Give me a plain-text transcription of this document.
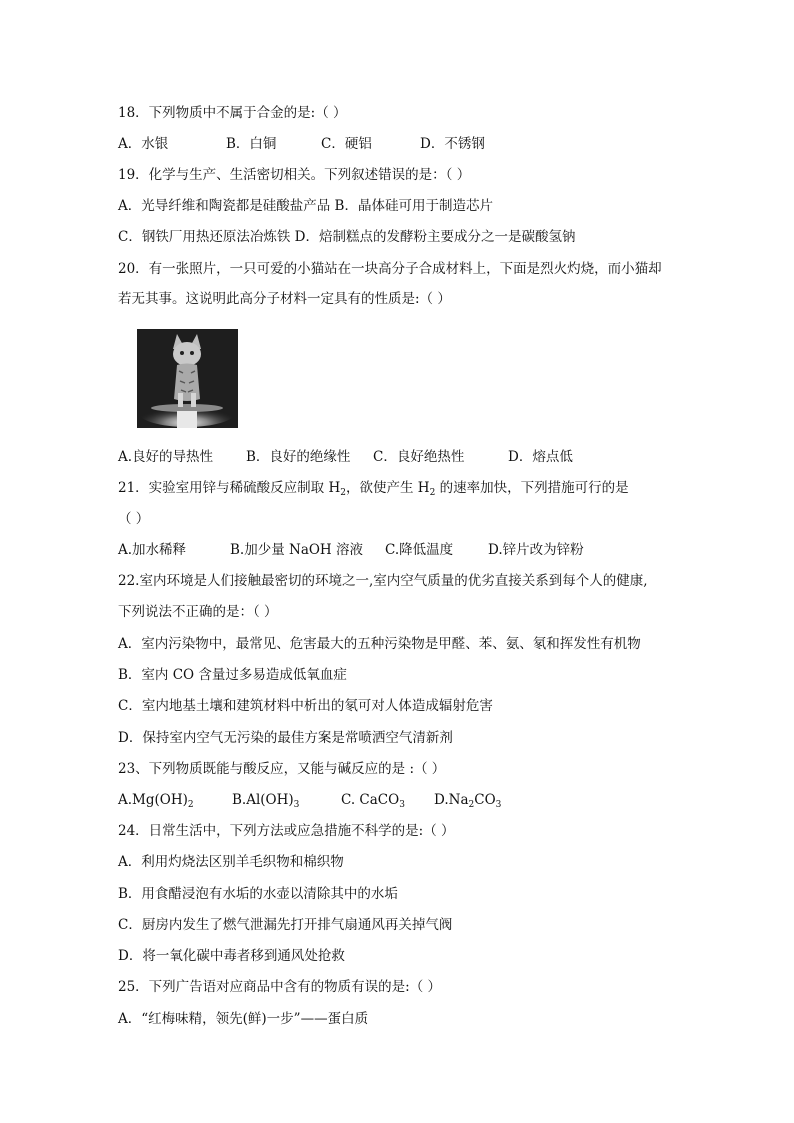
18．下列物质中不属于合金的是:（ ）
A．水银	B．白铜	C．硬铝	D．不锈钢
19．化学与生产、生活密切相关。下列叙述错误的是：（ ）
A．光导纤维和陶瓷都是硅酸盐产品 B．晶体硅可用于制造芯片
C．钢铁厂用热还原法冶炼铁 D．焙制糕点的发酵粉主要成分之一是碳酸氢钠
20．有一张照片，一只可爱的小猫站在一块高分子合成材料上，下面是烈火灼烧，而小猫却
若无其事。这说明此高分子材料一定具有的性质是:（ ）
A.良好的导热性 B．良好的绝缘性 C．良好绝热性	D．熔点低
21．实验室用锌与稀硫酸反应制取 $H_2$，欲使产生 $H_2$ 的速率加快，下列措施可行的是
（ ）
A.加水稀释	B.加少量 NaOH 溶液 C.降低温度	D.锌片改为锌粉
22.室内环境是人们接触最密切的环境之一,室内空气质量的优劣直接关系到每个人的健康,
下列说法不正确的是：（ ）
A．室内污染物中，最常见、危害最大的五种污染物是甲醛、苯、氨、氡和挥发性有机物
B．室内 CO 含量过多易造成低氧血症
C．室内地基土壤和建筑材料中析出的氡可对人体造成辐射危害
D．保持室内空气无污染的最佳方案是常喷洒空气清新剂
23、下列物质既能与酸反应，又能与碱反应的是 :（ ）
$A.Mg(OH)_2$	$B.Al(OH)_3$	C. CaCO$_3$ $D.Na_2CO_3$
24．日常生活中，下列方法或应急措施不科学的是:（ ）
A．利用灼烧法区别羊毛织物和棉织物
B．用食醋浸泡有水垢的水壶以清除其中的水垢
C．厨房内发生了燃气泄漏先打开排气扇通风再关掉气阀
D．将一氧化碳中毒者移到通风处抢救
25．下列广告语对应商品中含有的物质有误的是:（ ）
A．“红梅味精，领先(鲜)一步”——蛋白质
